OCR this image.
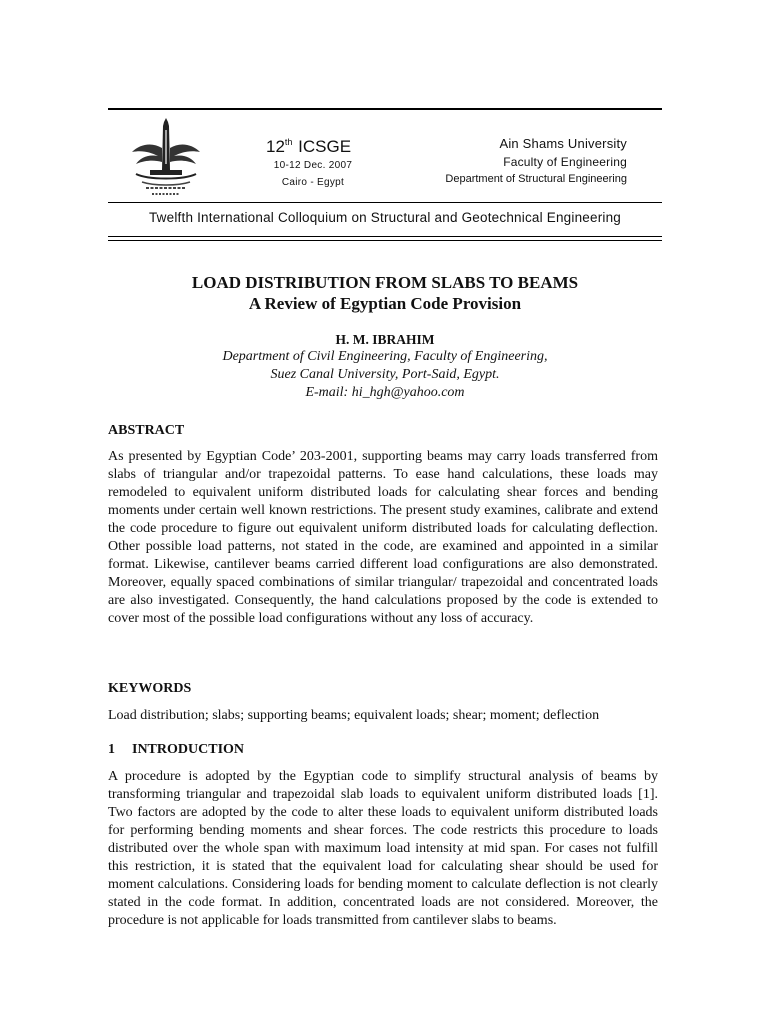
12th ICSGE
10-12 Dec. 2007
Cairo - Egypt
Ain Shams University
Faculty of Engineering
Department of Structural Engineering
Twelfth International Colloquium on Structural and Geotechnical Engineering
LOAD DISTRIBUTION FROM SLABS TO BEAMS
A Review of Egyptian Code Provision
H. M. IBRAHIM
Department of Civil Engineering, Faculty of Engineering,
Suez Canal University, Port-Said, Egypt.
E-mail: hi_hgh@yahoo.com
ABSTRACT
As presented by Egyptian Code’ 203-2001, supporting beams may carry loads transferred from slabs of triangular and/or trapezoidal patterns. To ease hand calculations, these loads may remodeled to equivalent uniform distributed loads for calculating shear forces and bending moments under certain well known restrictions. The present study examines, calibrate and extend the code procedure to figure out equivalent uniform distributed loads for calculating deflection. Other possible load patterns, not stated in the code, are examined and appointed in a similar format. Likewise, cantilever beams carried different load configurations are also demonstrated. Moreover, equally spaced combinations of similar triangular/ trapezoidal and concentrated loads are also investigated. Consequently, the hand calculations proposed by the code is extended to cover most of the possible load configurations without any loss of accuracy.
KEYWORDS
Load distribution; slabs; supporting beams; equivalent loads; shear; moment; deflection
1 INTRODUCTION
A procedure is adopted by the Egyptian code to simplify structural analysis of beams by transforming triangular and trapezoidal slab loads to equivalent uniform distributed loads [1]. Two factors are adopted by the code to alter these loads to equivalent uniform distributed loads for performing bending moments and shear forces. The code restricts this procedure to loads distributed over the whole span with maximum load intensity at mid span. For cases not fulfill this restriction, it is stated that the equivalent load for calculating shear should be used for moment calculations. Considering loads for bending moment to calculate deflection is not clearly stated in the code format. In addition, concentrated loads are not considered. Moreover, the procedure is not applicable for loads transmitted from cantilever slabs to beams.
